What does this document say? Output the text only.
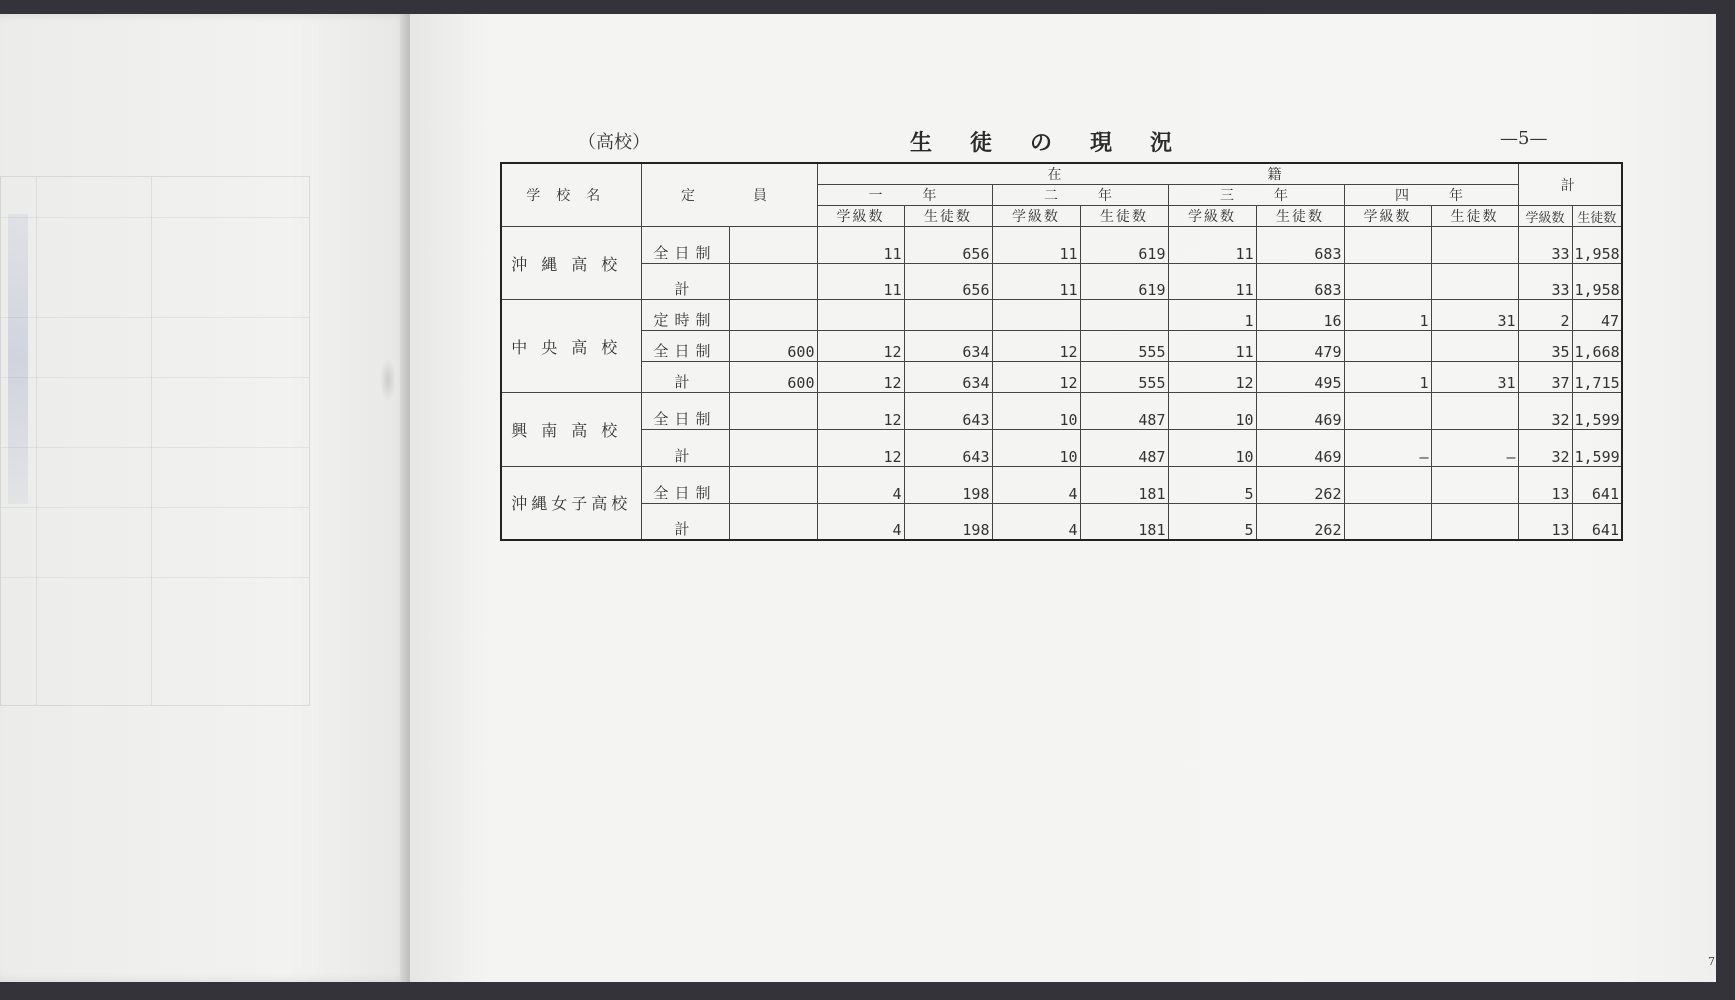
（高校）	生徒の現況	—5—
学校名	定　　員		在　　　　　　　　　　籍								計	
			一　　年		二　　年		三　　年		四　　年			
			学級数	生徒数	学級数	生徒数	学級数	生徒数	学級数	生徒数	学級数	生徒数
沖縄高校	全日制		11	656	11	619	11	683			33	1,958
	計		11	656	11	619	11	683			33	1,958
中央高校	定時制						1	16	1	31	2	47
	全日制	600	12	634	12	555	11	479			35	1,668
	計	600	12	634	12	555	12	495	1	31	37	1,715
興南高校	全日制		12	643	10	487	10	469			32	1,599
	計		12	643	10	487	10	469	—	—	32	1,599
沖縄女子高校	全日制		4	198	4	181	5	262			13	641
	計		4	198	4	181	5	262			13	641
7
